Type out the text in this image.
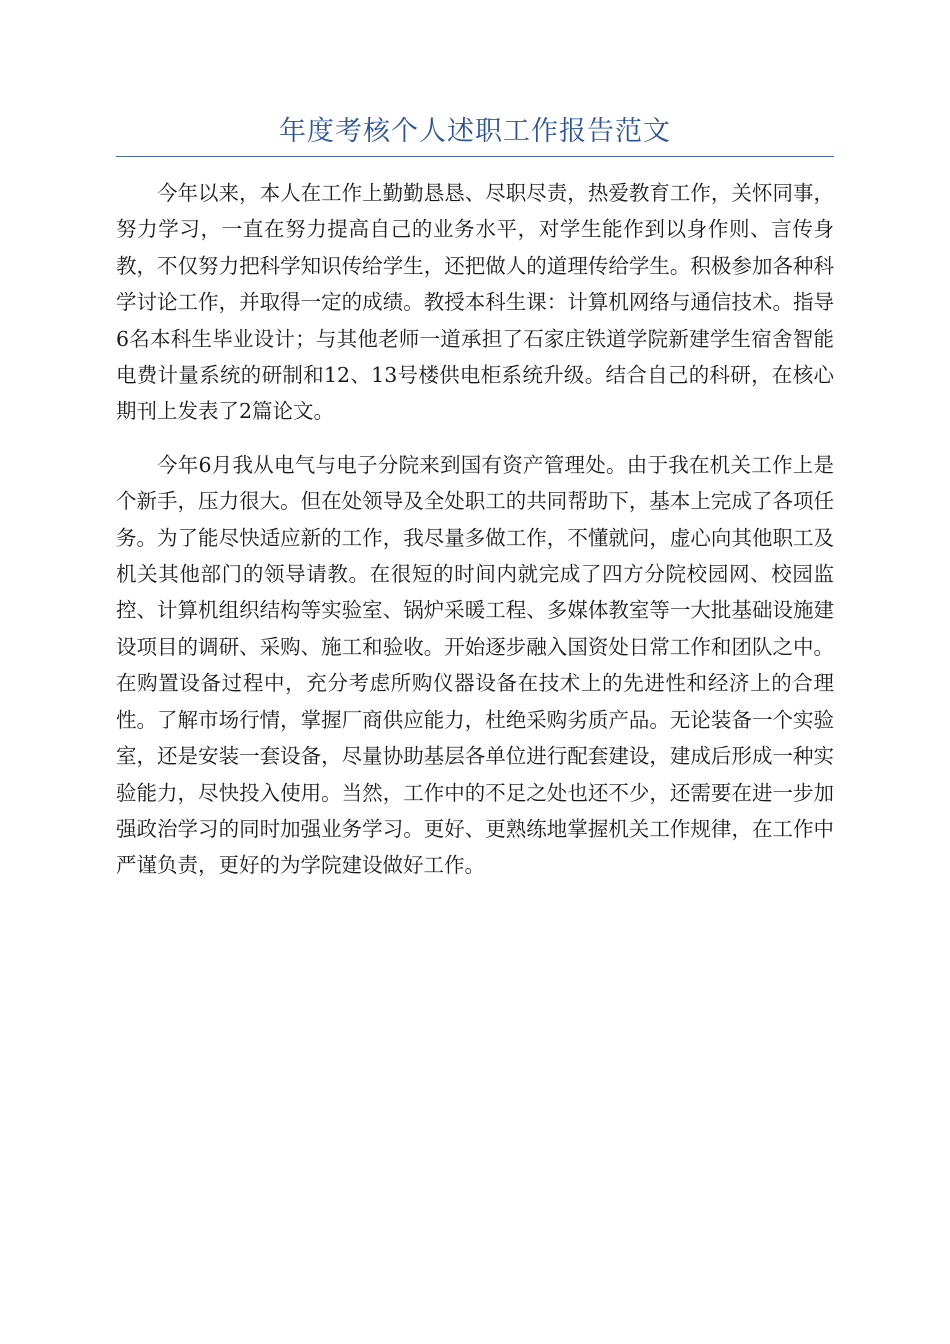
年度考核个人述职工作报告范文

今年以来，本人在工作上勤勤恳恳、尽职尽责，热爱教育工作，关怀同事，努力学习，一直在努力提高自己的业务水平，对学生能作到以身作则、言传身教，不仅努力把科学知识传给学生，还把做人的道理传给学生。积极参加各种科学讨论工作，并取得一定的成绩。教授本科生课：计算机网络与通信技术。指导6名本科生毕业设计；与其他老师一道承担了石家庄铁道学院新建学生宿舍智能电费计量系统的研制和12、13号楼供电柜系统升级。结合自己的科研，在核心期刊上发表了2篇论文。

今年6月我从电气与电子分院来到国有资产管理处。由于我在机关工作上是个新手，压力很大。但在处领导及全处职工的共同帮助下，基本上完成了各项任务。为了能尽快适应新的工作，我尽量多做工作，不懂就问，虚心向其他职工及机关其他部门的领导请教。在很短的时间内就完成了四方分院校园网、校园监控、计算机组织结构等实验室、锅炉采暖工程、多媒体教室等一大批基础设施建设项目的调研、采购、施工和验收。开始逐步融入国资处日常工作和团队之中。在购置设备过程中，充分考虑所购仪器设备在技术上的先进性和经济上的合理性。了解市场行情，掌握厂商供应能力，杜绝采购劣质产品。无论装备一个实验室，还是安装一套设备，尽量协助基层各单位进行配套建设，建成后形成一种实验能力，尽快投入使用。当然，工作中的不足之处也还不少，还需要在进一步加强政治学习的同时加强业务学习。更好、更熟练地掌握机关工作规律，在工作中严谨负责，更好的为学院建设做好工作。
